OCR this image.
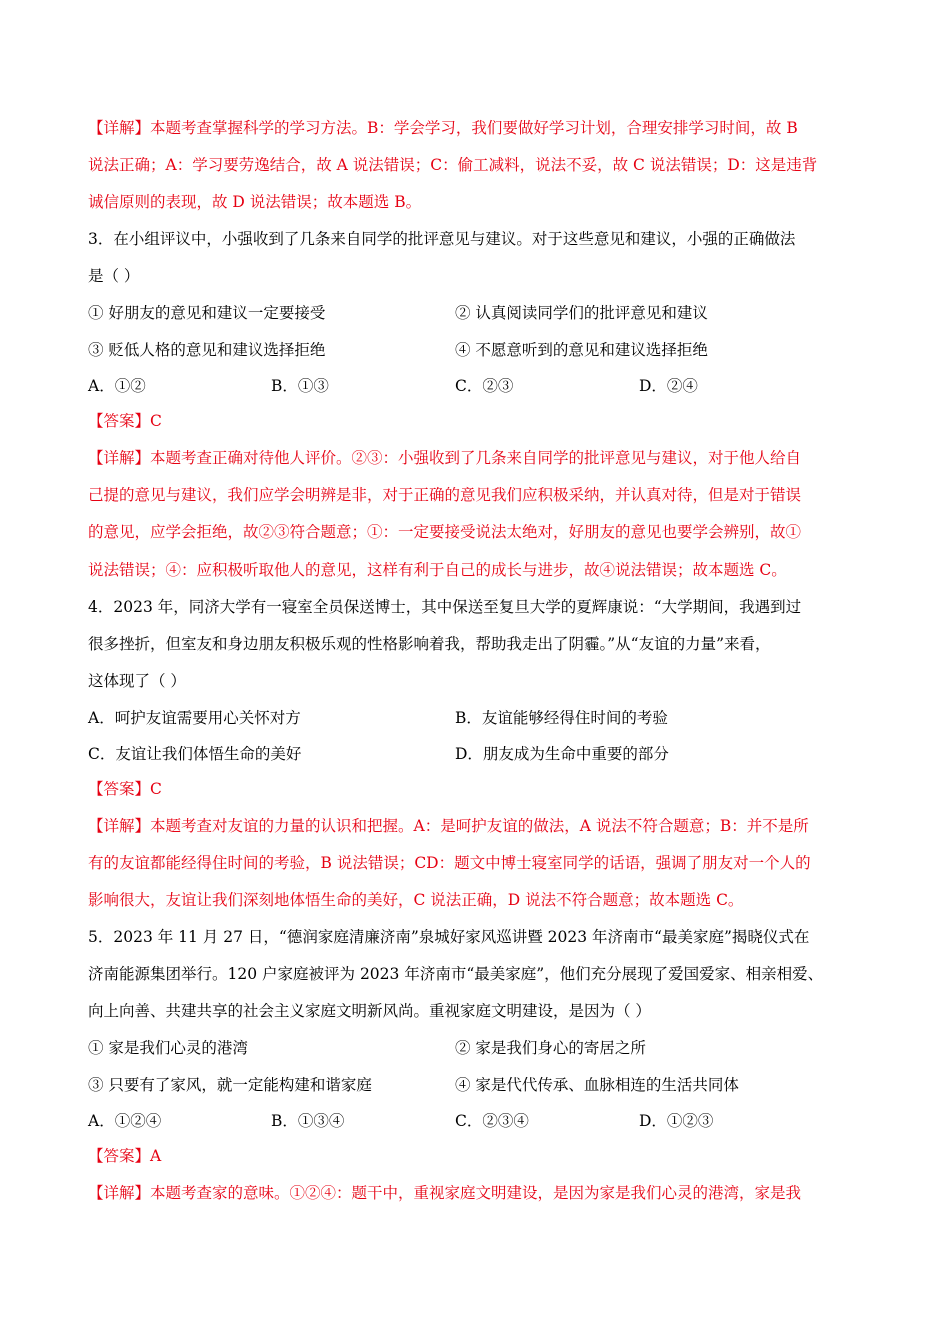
【详解】本题考查掌握科学的学习方法。B：学会学习，我们要做好学习计划，合理安排学习时间，故 B
说法正确；A：学习要劳逸结合，故 A 说法错误；C：偷工减料，说法不妥，故 C 说法错误；D：这是违背
诚信原则的表现，故 D 说法错误；故本题选 B。
3．在小组评议中，小强收到了几条来自同学的批评意见与建议。对于这些意见和建议，小强的正确做法
是（ ）
① 好朋友的意见和建议一定要接受	② 认真阅读同学们的批评意见和建议
③ 贬低人格的意见和建议选择拒绝	④ 不愿意听到的意见和建议选择拒绝
A．①②	B．①③	C．②③	D．②④
【答案】C
【详解】本题考查正确对待他人评价。②③：小强收到了几条来自同学的批评意见与建议，对于他人给自
己提的意见与建议，我们应学会明辨是非，对于正确的意见我们应积极采纳，并认真对待，但是对于错误
的意见，应学会拒绝，故②③符合题意；①：一定要接受说法太绝对，好朋友的意见也要学会辨别，故①
说法错误；④：应积极听取他人的意见，这样有利于自己的成长与进步，故④说法错误；故本题选 C。
4．2023 年，同济大学有一寝室全员保送博士，其中保送至复旦大学的夏辉康说：“大学期间，我遇到过
很多挫折，但室友和身边朋友积极乐观的性格影响着我，帮助我走出了阴霾。”从“友谊的力量”来看，
这体现了（ ）
A．呵护友谊需要用心关怀对方	B．友谊能够经得住时间的考验
C．友谊让我们体悟生命的美好	D．朋友成为生命中重要的部分
【答案】C
【详解】本题考查对友谊的力量的认识和把握。A：是呵护友谊的做法，A 说法不符合题意；B：并不是所
有的友谊都能经得住时间的考验，B 说法错误；CD：题文中博士寝室同学的话语，强调了朋友对一个人的
影响很大，友谊让我们深刻地体悟生命的美好，C 说法正确，D 说法不符合题意；故本题选 C。
5．2023 年 11 月 27 日，“德润家庭清廉济南”泉城好家风巡讲暨 2023 年济南市“最美家庭”揭晓仪式在
济南能源集团举行。120 户家庭被评为 2023 年济南市“最美家庭”，他们充分展现了爱国爱家、相亲相爱、
向上向善、共建共享的社会主义家庭文明新风尚。重视家庭文明建设，是因为（ ）
① 家是我们心灵的港湾	② 家是我们身心的寄居之所
③ 只要有了家风，就一定能构建和谐家庭	④ 家是代代传承、血脉相连的生活共同体
A．①②④	B．①③④	C．②③④	D．①②③
【答案】A
【详解】本题考查家的意味。①②④：题干中，重视家庭文明建设，是因为家是我们心灵的港湾，家是我
